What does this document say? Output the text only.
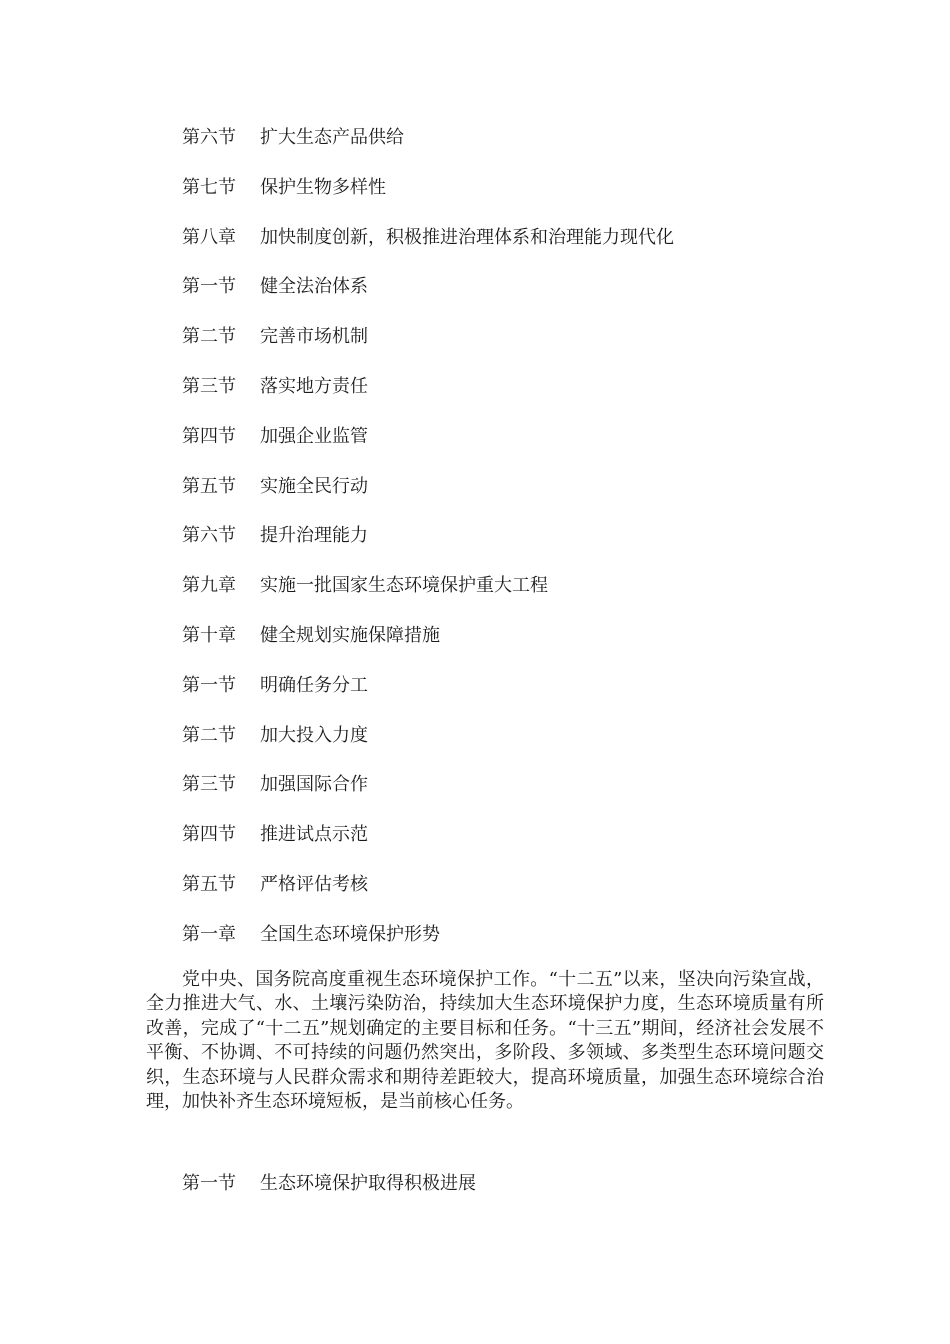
第六节 扩大生态产品供给
第七节 保护生物多样性
第八章 加快制度创新，积极推进治理体系和治理能力现代化
第一节 健全法治体系
第二节 完善市场机制
第三节 落实地方责任
第四节 加强企业监管
第五节 实施全民行动
第六节 提升治理能力
第九章 实施一批国家生态环境保护重大工程
第十章 健全规划实施保障措施
第一节 明确任务分工
第二节 加大投入力度
第三节 加强国际合作
第四节 推进试点示范
第五节 严格评估考核
第一章 全国生态环境保护形势

党中央、国务院高度重视生态环境保护工作。“十二五”以来，坚决向污染宣战，全力推进大气、水、土壤污染防治，持续加大生态环境保护力度，生态环境质量有所改善，完成了“十二五”规划确定的主要目标和任务。“十三五”期间，经济社会发展不平衡、不协调、不可持续的问题仍然突出，多阶段、多领域、多类型生态环境问题交织，生态环境与人民群众需求和期待差距较大，提高环境质量，加强生态环境综合治理，加快补齐生态环境短板，是当前核心任务。

第一节 生态环境保护取得积极进展
